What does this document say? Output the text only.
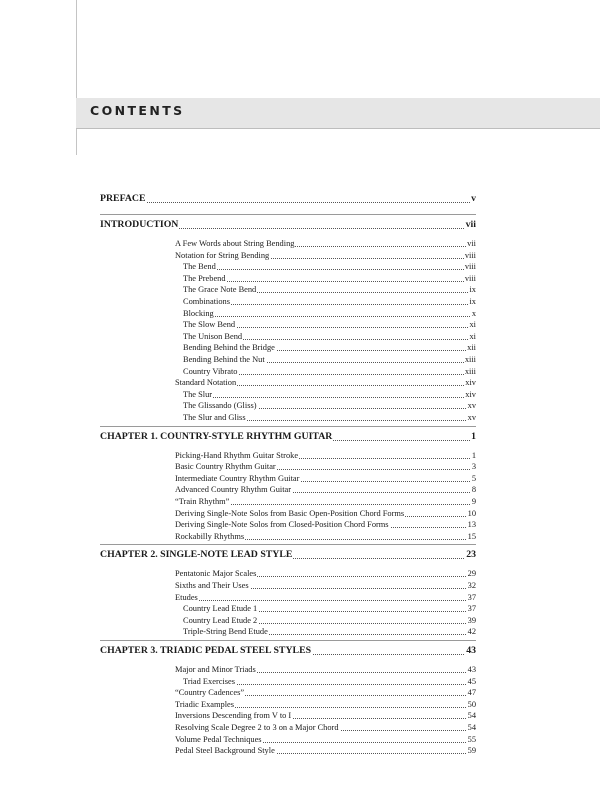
CONTENTS
PREFACE	v
INTRODUCTION	vii
A Few Words about String Bending	vii
Notation for String Bending	viii
The Bend	viii
The Prebend	viii
The Grace Note Bend	ix
Combinations	ix
Blocking	x
The Slow Bend	xi
The Unison Bend	xi
Bending Behind the Bridge	xii
Bending Behind the Nut	xiii
Country Vibrato	xiii
Standard Notation	xiv
The Slur	xiv
The Glissando (Gliss)	xv
The Slur and Gliss	xv
CHAPTER 1. COUNTRY-STYLE RHYTHM GUITAR	1
Picking-Hand Rhythm Guitar Stroke	1
Basic Country Rhythm Guitar	3
Intermediate Country Rhythm Guitar	5
Advanced Country Rhythm Guitar	8
“Train Rhythm”	9
Deriving Single-Note Solos from Basic Open-Position Chord Forms	10
Deriving Single-Note Solos from Closed-Position Chord Forms	13
Rockabilly Rhythms	15
CHAPTER 2. SINGLE-NOTE LEAD STYLE	23
Pentatonic Major Scales	29
Sixths and Their Uses	32
Etudes	37
Country Lead Etude 1	37
Country Lead Etude 2	39
Triple-String Bend Etude	42
CHAPTER 3. TRIADIC PEDAL STEEL STYLES	43
Major and Minor Triads	43
Triad Exercises	45
“Country Cadences”	47
Triadic Examples	50
Inversions Descending from V to I	54
Resolving Scale Degree 2 to 3 on a Major Chord	54
Volume Pedal Techniques	55
Pedal Steel Background Style	59
